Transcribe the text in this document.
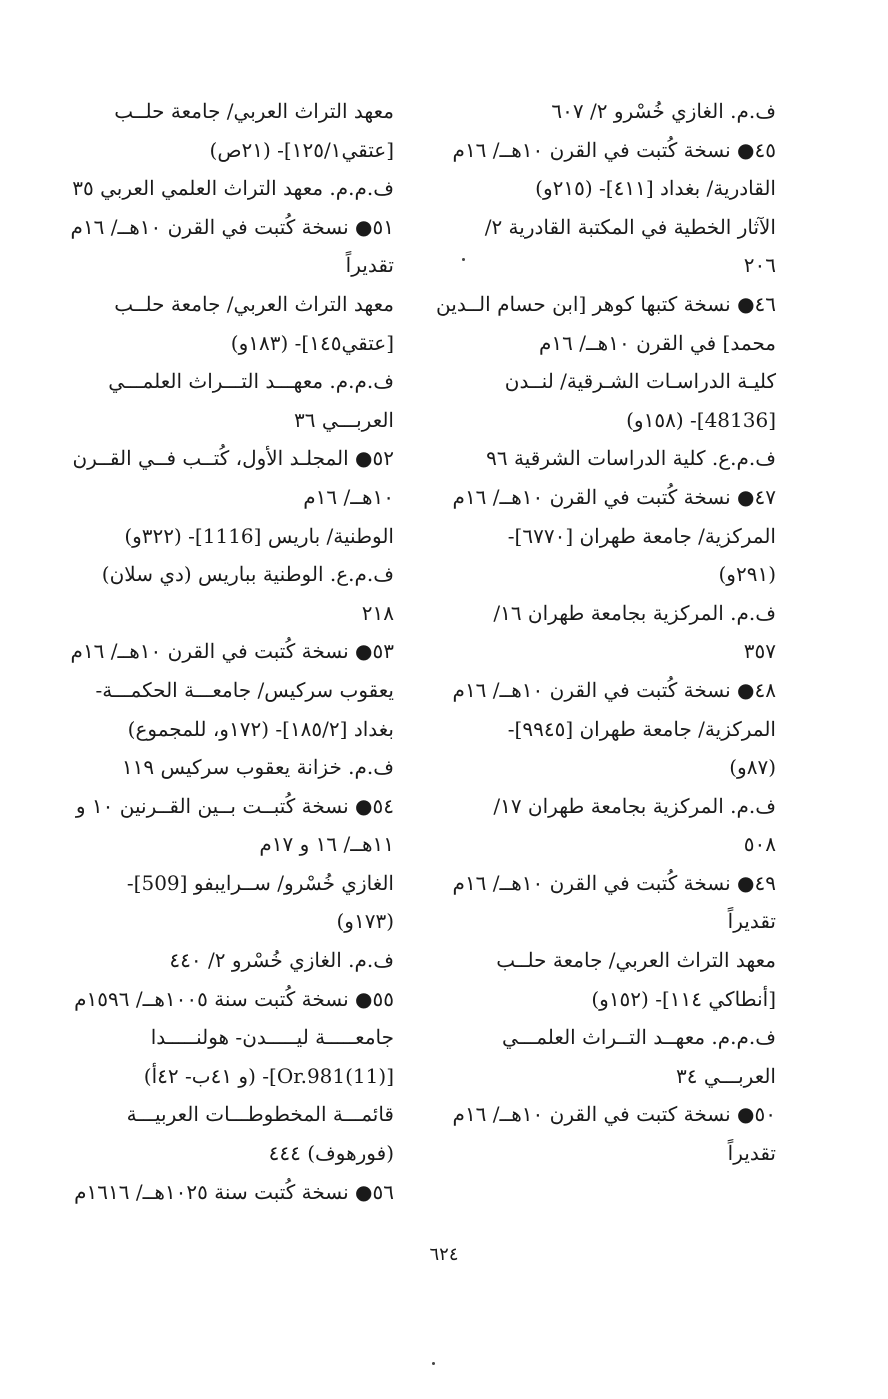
ف.م. الغازي خُسْرو ٢/ ٦٠٧
٤٥● نسخة كُتبت في القرن ١٠هــ/ ١٦م
القادرية/ بغداد [٤١١]- (٢١٥و)
الآثار الخطية في المكتبة القادرية ٢/
٢٠٦
٤٦● نسخة كتبها كوهر [ابن حسام الــدين
محمد] في القرن ١٠هــ/ ١٦م
كليـة الدراسـات الشـرقية/ لنــدن
[48136]- (١٥٨و)
ف.م.ع. كلية الدراسات الشرقية ٩٦
٤٧● نسخة كُتبت في القرن ١٠هــ/ ١٦م
المركزية/ جامعة طهران [٦٧٧٠]-
(٢٩١و)
ف.م. المركزية بجامعة طهران ١٦/
٣٥٧
٤٨● نسخة كُتبت في القرن ١٠هــ/ ١٦م
المركزية/ جامعة طهران [٩٩٤٥]-
(٨٧و)
ف.م. المركزية بجامعة طهران ١٧/
٥٠٨
٤٩● نسخة كُتبت في القرن ١٠هــ/ ١٦م
تقديراً
معهد التراث العربي/ جامعة حلــب
[أنطاكي ١١٤]- (١٥٢و)
ف.م.م. معهــد التــراث العلمـــي
العربـــي ٣٤
٥٠● نسخة كتبت في القرن ١٠هــ/ ١٦م
تقديراً
معهد التراث العربي/ جامعة حلــب
[عتقي١٢٥/١]- (٢١ص)
ف.م.م. معهد التراث العلمي العربي ٣٥
٥١● نسخة كُتبت في القرن ١٠هــ/ ١٦م
تقديراً
معهد التراث العربي/ جامعة حلــب
[عتقي١٤٥]- (١٨٣و)
ف.م.م. معهـــد التـــراث العلمـــي
العربـــي ٣٦
٥٢● المجلـد الأول، كُتــب فــي القــرن
١٠هــ/ ١٦م
الوطنية/ باريس [1116]- (٣٢٢و)
ف.م.ع. الوطنية بباريس (دي سلان)
٢١٨
٥٣● نسخة كُتبت في القرن ١٠هــ/ ١٦م
يعقوب سركيس/ جامعـــة الحكمـــة-
بغداد [١٨٥/٢]- (١٧٢و، للمجموع)
ف.م. خزانة يعقوب سركيس ١١٩
٥٤● نسخة كُتبــت بــين القــرنين ١٠ و
١١هــ/ ١٦ و ١٧م
الغازي خُسْرو/ ســرايبفو [509]-
(١٧٣و)
ف.م. الغازي خُسْرو ٢/ ٤٤٠
٥٥● نسخة كُتبت سنة ١٠٠٥هــ/ ١٥٩٦م
جامعـــــة ليـــــدن- هولنـــــدا
[Or.981(11)]- (و ٤١ب- ٤٢أ)
قائمـــة المخطوطـــات العربيـــة
(فورهوف) ٤٤٤
٥٦● نسخة كُتبت سنة ١٠٢٥هــ/ ١٦١٦م
٦٢٤
